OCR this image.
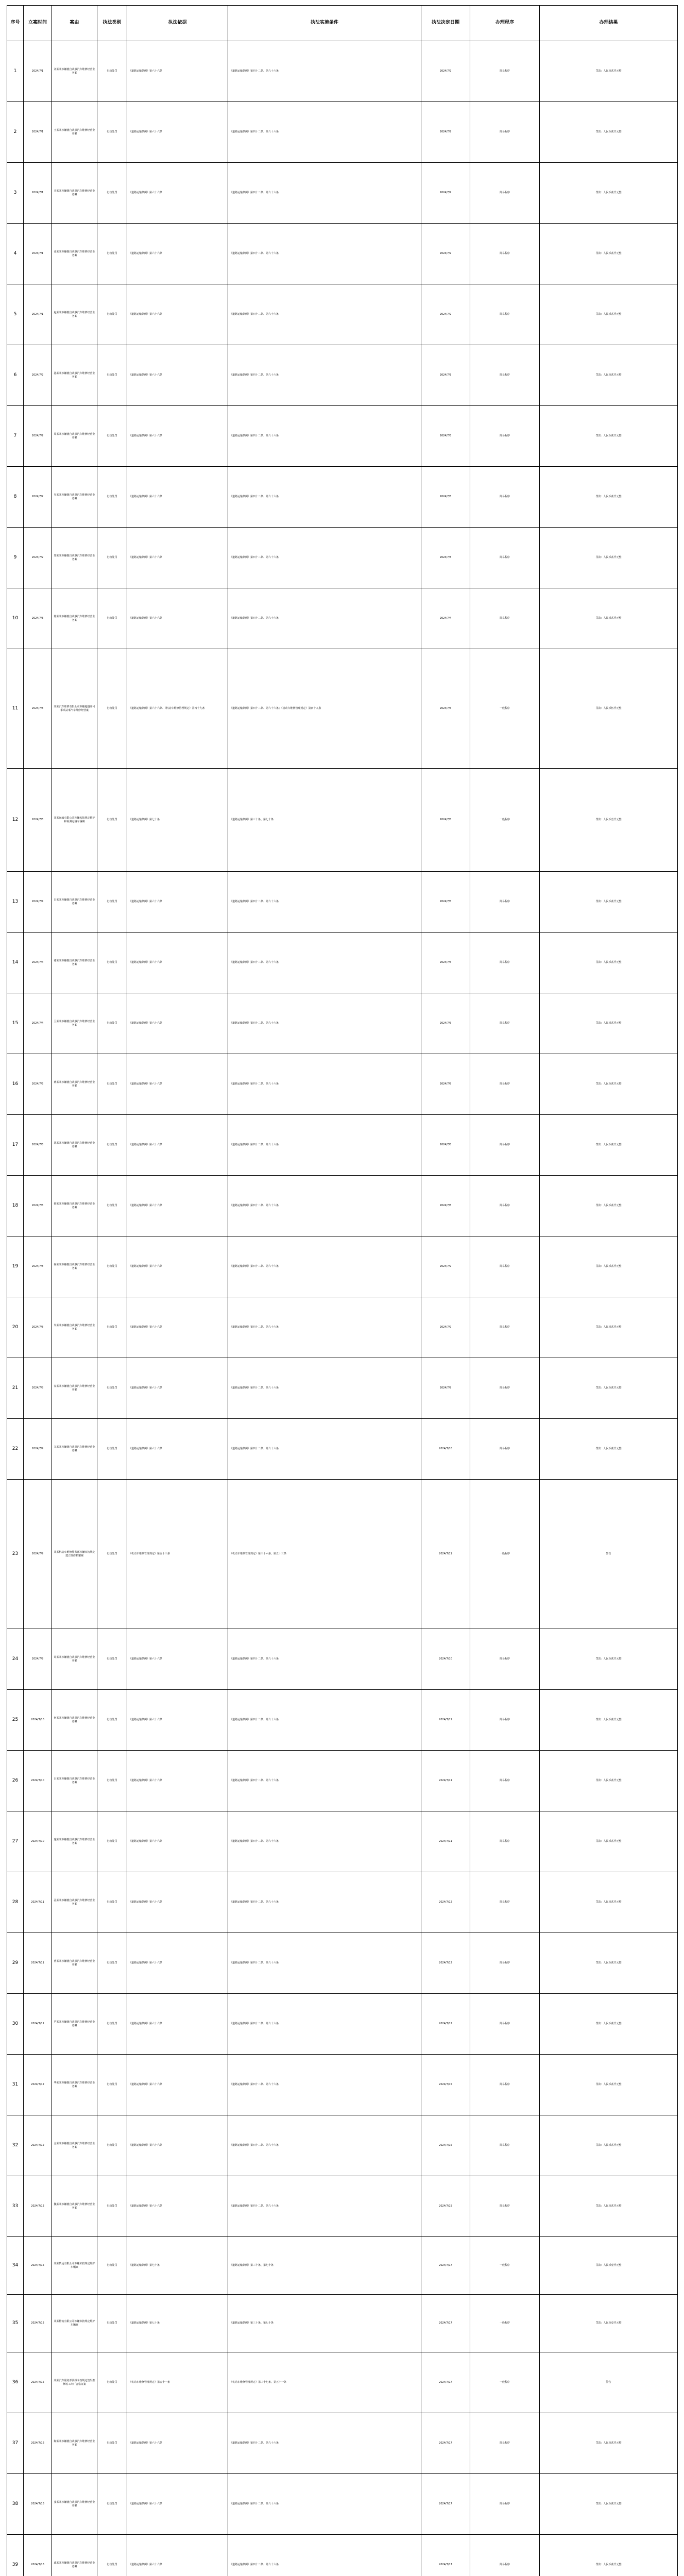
序号	立案时间	案由	执法类别	执法依据	执法实施条件	执法决定日期	办理程序	办理结果
1	2024/7/1	刘某某涉嫌擅自从事汽车维修经营业务案	行政处罚	《道路运输条例》第六十六条	《道路运输条例》第四十二条、第六十六条	2024/7/2	简易程序	罚款：人民币贰仟元整
2	2024/7/1	王某某涉嫌擅自从事汽车维修经营业务案	行政处罚	《道路运输条例》第六十六条	《道路运输条例》第四十二条、第六十六条	2024/7/2	简易程序	罚款：人民币贰仟元整
3	2024/7/1	李某某涉嫌擅自从事汽车维修经营业务案	行政处罚	《道路运输条例》第六十六条	《道路运输条例》第四十二条、第六十六条	2024/7/2	简易程序	罚款：人民币贰仟元整
4	2024/7/1	张某某涉嫌擅自从事汽车维修经营业务案	行政处罚	《道路运输条例》第六十六条	《道路运输条例》第四十二条、第六十六条	2024/7/2	简易程序	罚款：人民币贰仟元整
5	2024/7/1	赵某某涉嫌擅自从事汽车维修经营业务案	行政处罚	《道路运输条例》第六十六条	《道路运输条例》第四十二条、第六十六条	2024/7/2	简易程序	罚款：人民币贰仟元整
6	2024/7/2	孙某某涉嫌擅自从事汽车维修经营业务案	行政处罚	《道路运输条例》第六十六条	《道路运输条例》第四十二条、第六十六条	2024/7/3	简易程序	罚款：人民币贰仟元整
7	2024/7/2	周某某涉嫌擅自从事汽车维修经营业务案	行政处罚	《道路运输条例》第六十六条	《道路运输条例》第四十二条、第六十六条	2024/7/3	简易程序	罚款：人民币贰仟元整
8	2024/7/2	吴某某涉嫌擅自从事汽车维修经营业务案	行政处罚	《道路运输条例》第六十六条	《道路运输条例》第四十二条、第六十六条	2024/7/3	简易程序	罚款：人民币贰仟元整
9	2024/7/2	郑某某涉嫌擅自从事汽车维修经营业务案	行政处罚	《道路运输条例》第六十六条	《道路运输条例》第四十二条、第六十六条	2024/7/3	简易程序	罚款：人民币贰仟元整
10	2024/7/3	陈某某涉嫌擅自从事汽车维修经营业务案	行政处罚	《道路运输条例》第六十六条	《道路运输条例》第四十二条、第六十六条	2024/7/4	简易程序	罚款：人民币贰仟元整
11	2024/7/3	某某汽车维修有限公司涉嫌超越许可事项从事汽车维修经营案	行政处罚	《道路运输条例》第六十六条、《机动车维修管理规定》第四十九条	《道路运输条例》第四十二条、第六十六条；《机动车维修管理规定》第四十九条	2024/7/5	一般程序	罚款：人民币伍仟元整
12	2024/7/3	某某运输有限公司涉嫌未按规定维护和检测运输车辆案	行政处罚	《道路运输条例》第七十条	《道路运输条例》第三十条、第七十条	2024/7/5	一般程序	罚款：人民币壹仟元整
13	2024/7/4	冯某某涉嫌擅自从事汽车维修经营业务案	行政处罚	《道路运输条例》第六十六条	《道路运输条例》第四十二条、第六十六条	2024/7/5	简易程序	罚款：人民币贰仟元整
14	2024/7/4	褚某某涉嫌擅自从事汽车维修经营业务案	行政处罚	《道路运输条例》第六十六条	《道路运输条例》第四十二条、第六十六条	2024/7/5	简易程序	罚款：人民币贰仟元整
15	2024/7/4	卫某某涉嫌擅自从事汽车维修经营业务案	行政处罚	《道路运输条例》第六十六条	《道路运输条例》第四十二条、第六十六条	2024/7/5	简易程序	罚款：人民币贰仟元整
16	2024/7/5	蒋某某涉嫌擅自从事汽车维修经营业务案	行政处罚	《道路运输条例》第六十六条	《道路运输条例》第四十二条、第六十六条	2024/7/8	简易程序	罚款：人民币贰仟元整
17	2024/7/5	沈某某涉嫌擅自从事汽车维修经营业务案	行政处罚	《道路运输条例》第六十六条	《道路运输条例》第四十二条、第六十六条	2024/7/8	简易程序	罚款：人民币贰仟元整
18	2024/7/5	韩某某涉嫌擅自从事汽车维修经营业务案	行政处罚	《道路运输条例》第六十六条	《道路运输条例》第四十二条、第六十六条	2024/7/8	简易程序	罚款：人民币贰仟元整
19	2024/7/8	杨某某涉嫌擅自从事汽车维修经营业务案	行政处罚	《道路运输条例》第六十六条	《道路运输条例》第四十二条、第六十六条	2024/7/9	简易程序	罚款：人民币贰仟元整
20	2024/7/8	朱某某涉嫌擅自从事汽车维修经营业务案	行政处罚	《道路运输条例》第六十六条	《道路运输条例》第四十二条、第六十六条	2024/7/9	简易程序	罚款：人民币贰仟元整
21	2024/7/8	秦某某涉嫌擅自从事汽车维修经营业务案	行政处罚	《道路运输条例》第六十六条	《道路运输条例》第四十二条、第六十六条	2024/7/9	简易程序	罚款：人民币贰仟元整
22	2024/7/9	尤某某涉嫌擅自从事汽车维修经营业务案	行政处罚	《道路运输条例》第六十六条	《道路运输条例》第四十二条、第六十六条	2024/7/10	简易程序	罚款：人民币贰仟元整
23	2024/7/9	某某机动车维修服务部涉嫌未按规定建立维修档案案	行政处罚	《机动车维修管理规定》第五十三条	《机动车维修管理规定》第三十六条、第五十三条	2024/7/11	一般程序	警告
24	2024/7/9	许某某涉嫌擅自从事汽车维修经营业务案	行政处罚	《道路运输条例》第六十六条	《道路运输条例》第四十二条、第六十六条	2024/7/10	简易程序	罚款：人民币贰仟元整
25	2024/7/10	何某某涉嫌擅自从事汽车维修经营业务案	行政处罚	《道路运输条例》第六十六条	《道路运输条例》第四十二条、第六十六条	2024/7/11	简易程序	罚款：人民币贰仟元整
26	2024/7/10	吕某某涉嫌擅自从事汽车维修经营业务案	行政处罚	《道路运输条例》第六十六条	《道路运输条例》第四十二条、第六十六条	2024/7/11	简易程序	罚款：人民币贰仟元整
27	2024/7/10	施某某涉嫌擅自从事汽车维修经营业务案	行政处罚	《道路运输条例》第六十六条	《道路运输条例》第四十二条、第六十六条	2024/7/11	简易程序	罚款：人民币贰仟元整
28	2024/7/11	孔某某涉嫌擅自从事汽车维修经营业务案	行政处罚	《道路运输条例》第六十六条	《道路运输条例》第四十二条、第六十六条	2024/7/12	简易程序	罚款：人民币贰仟元整
29	2024/7/11	曹某某涉嫌擅自从事汽车维修经营业务案	行政处罚	《道路运输条例》第六十六条	《道路运输条例》第四十二条、第六十六条	2024/7/12	简易程序	罚款：人民币贰仟元整
30	2024/7/11	严某某涉嫌擅自从事汽车维修经营业务案	行政处罚	《道路运输条例》第六十六条	《道路运输条例》第四十二条、第六十六条	2024/7/12	简易程序	罚款：人民币贰仟元整
31	2024/7/12	华某某涉嫌擅自从事汽车维修经营业务案	行政处罚	《道路运输条例》第六十六条	《道路运输条例》第四十二条、第六十六条	2024/7/15	简易程序	罚款：人民币贰仟元整
32	2024/7/12	金某某涉嫌擅自从事汽车维修经营业务案	行政处罚	《道路运输条例》第六十六条	《道路运输条例》第四十二条、第六十六条	2024/7/15	简易程序	罚款：人民币贰仟元整
33	2024/7/12	魏某某涉嫌擅自从事汽车维修经营业务案	行政处罚	《道路运输条例》第六十六条	《道路运输条例》第四十二条、第六十六条	2024/7/15	简易程序	罚款：人民币贰仟元整
34	2024/7/15	某某货运有限公司涉嫌未按规定维护车辆案	行政处罚	《道路运输条例》第七十条	《道路运输条例》第三十条、第七十条	2024/7/17	一般程序	罚款：人民币壹仟元整
35	2024/7/15	某某物流有限公司涉嫌未按规定维护车辆案	行政处罚	《道路运输条例》第七十条	《道路运输条例》第三十条、第七十条	2024/7/17	一般程序	罚款：人民币壹仟元整
36	2024/7/15	某某汽车服务部涉嫌未按规定签发维修竣工出厂合格证案	行政处罚	《机动车维修管理规定》第五十一条	《机动车维修管理规定》第三十七条、第五十一条	2024/7/17	一般程序	警告
37	2024/7/16	陶某某涉嫌擅自从事汽车维修经营业务案	行政处罚	《道路运输条例》第六十六条	《道路运输条例》第四十二条、第六十六条	2024/7/17	简易程序	罚款：人民币贰仟元整
38	2024/7/16	姜某某涉嫌擅自从事汽车维修经营业务案	行政处罚	《道路运输条例》第六十六条	《道路运输条例》第四十二条、第六十六条	2024/7/17	简易程序	罚款：人民币贰仟元整
39	2024/7/16	戚某某涉嫌擅自从事汽车维修经营业务案	行政处罚	《道路运输条例》第六十六条	《道路运输条例》第四十二条、第六十六条	2024/7/17	简易程序	罚款：人民币贰仟元整
